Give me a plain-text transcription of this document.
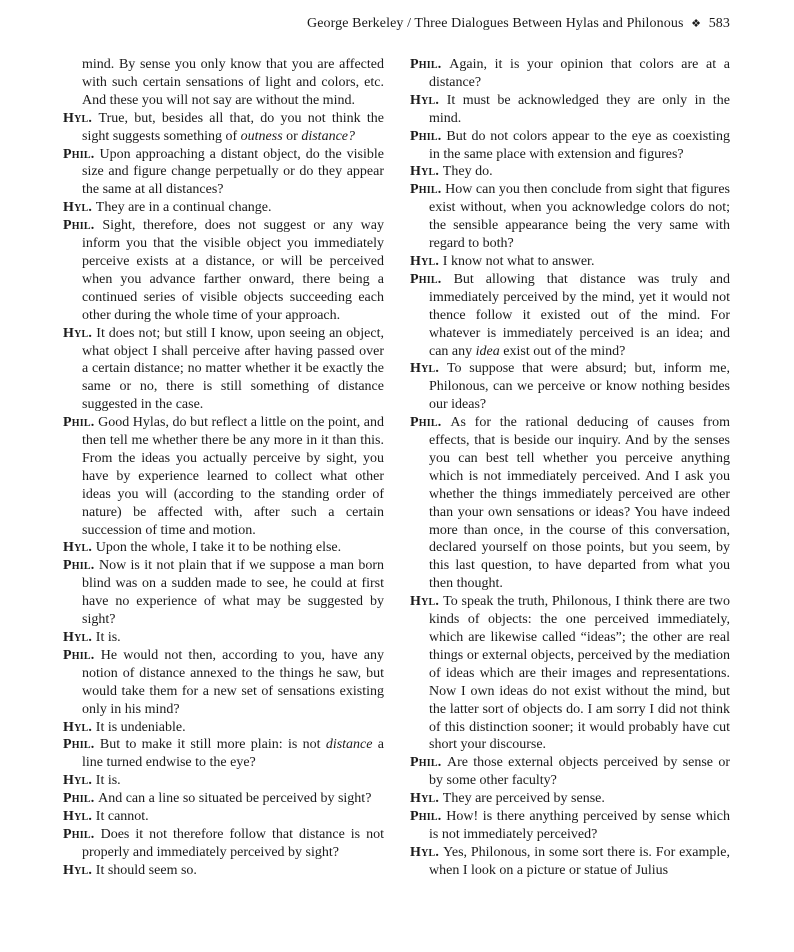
George Berkeley / Three Dialogues Between Hylas and Philonous ❖ 583

mind. By sense you only know that you are affected with such certain sensations of light and colors, etc. And these you will not say are without the mind.

Hyl. True, but, besides all that, do you not think the sight suggests something of outness or distance?

Phil. Upon approaching a distant object, do the visible size and figure change perpetually or do they appear the same at all distances?

Hyl. They are in a continual change.

Phil. Sight, therefore, does not suggest or any way inform you that the visible object you immediately perceive exists at a distance, or will be perceived when you advance farther onward, there being a continued series of visible objects succeeding each other during the whole time of your approach.

Hyl. It does not; but still I know, upon seeing an object, what object I shall perceive after having passed over a certain distance; no matter whether it be exactly the same or no, there is still something of distance suggested in the case.

Phil. Good Hylas, do but reflect a little on the point, and then tell me whether there be any more in it than this. From the ideas you actually perceive by sight, you have by experience learned to collect what other ideas you will (according to the standing order of nature) be affected with, after such a certain succession of time and motion.

Hyl. Upon the whole, I take it to be nothing else.

Phil. Now is it not plain that if we suppose a man born blind was on a sudden made to see, he could at first have no experience of what may be suggested by sight?

Hyl. It is.

Phil. He would not then, according to you, have any notion of distance annexed to the things he saw, but would take them for a new set of sensations existing only in his mind?

Hyl. It is undeniable.

Phil. But to make it still more plain: is not distance a line turned endwise to the eye?

Hyl. It is.

Phil. And can a line so situated be perceived by sight?

Hyl. It cannot.

Phil. Does it not therefore follow that distance is not properly and immediately perceived by sight?

Hyl. It should seem so.

Phil. Again, it is your opinion that colors are at a distance?

Hyl. It must be acknowledged they are only in the mind.

Phil. But do not colors appear to the eye as coexisting in the same place with extension and figures?

Hyl. They do.

Phil. How can you then conclude from sight that figures exist without, when you acknowledge colors do not; the sensible appearance being the very same with regard to both?

Hyl. I know not what to answer.

Phil. But allowing that distance was truly and immediately perceived by the mind, yet it would not thence follow it existed out of the mind. For whatever is immediately perceived is an idea; and can any idea exist out of the mind?

Hyl. To suppose that were absurd; but, inform me, Philonous, can we perceive or know nothing besides our ideas?

Phil. As for the rational deducing of causes from effects, that is beside our inquiry. And by the senses you can best tell whether you perceive anything which is not immediately perceived. And I ask you whether the things immediately perceived are other than your own sensations or ideas? You have indeed more than once, in the course of this conversation, declared yourself on those points, but you seem, by this last question, to have departed from what you then thought.

Hyl. To speak the truth, Philonous, I think there are two kinds of objects: the one perceived immediately, which are likewise called “ideas”; the other are real things or external objects, perceived by the mediation of ideas which are their images and representations. Now I own ideas do not exist without the mind, but the latter sort of objects do. I am sorry I did not think of this distinction sooner; it would probably have cut short your discourse.

Phil. Are those external objects perceived by sense or by some other faculty?

Hyl. They are perceived by sense.

Phil. How! is there anything perceived by sense which is not immediately perceived?

Hyl. Yes, Philonous, in some sort there is. For example, when I look on a picture or statue of Julius
